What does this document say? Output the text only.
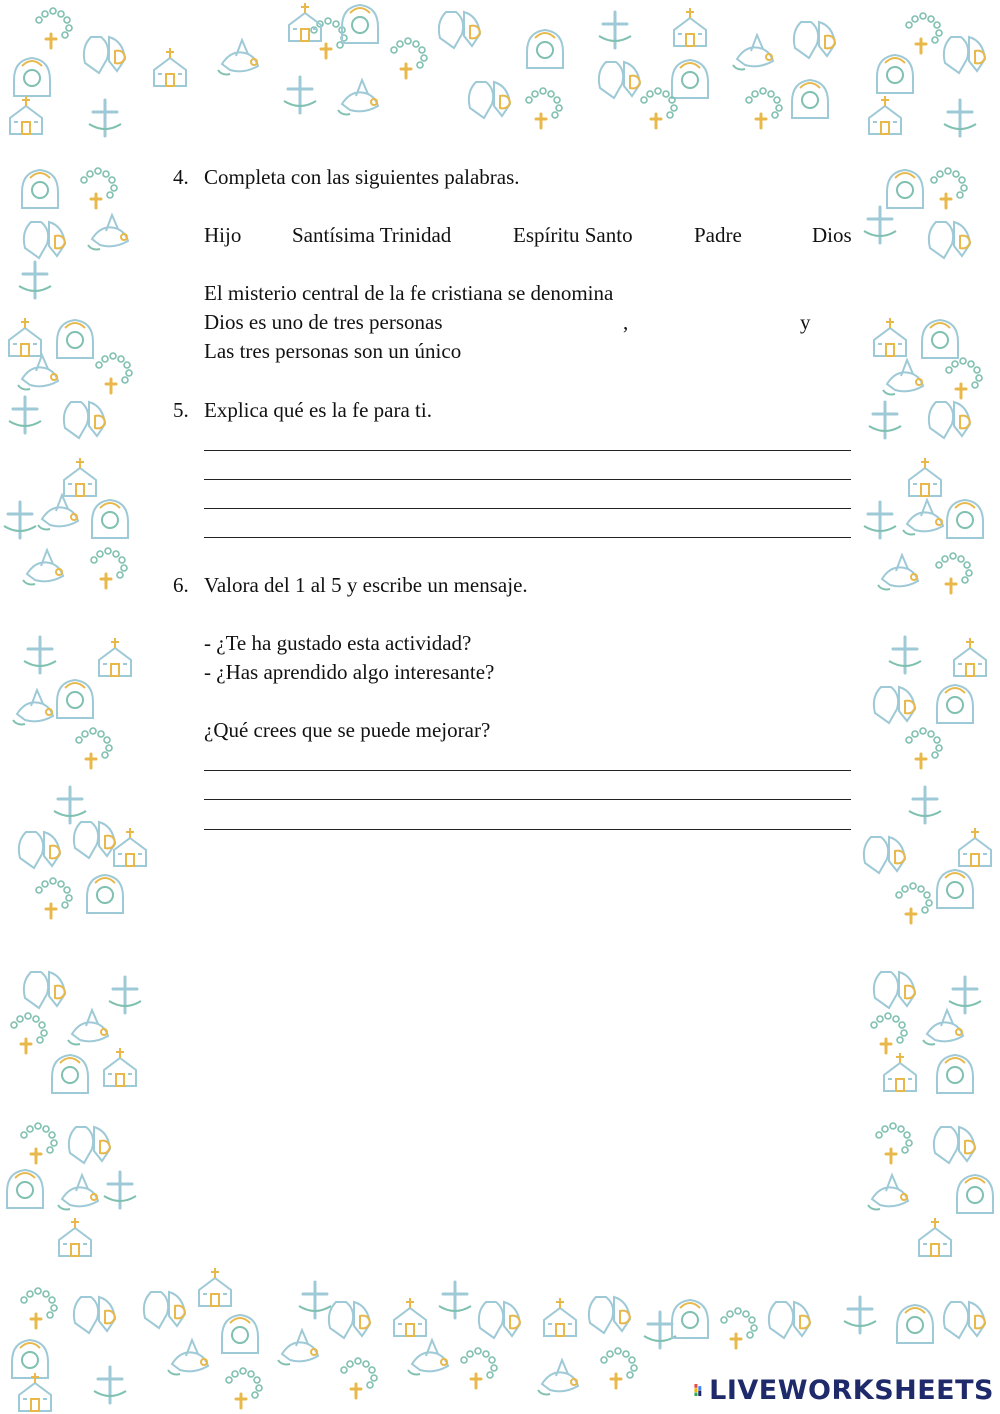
4. Completa con las siguientes palabras.
Hijo Santísima Trinidad	Espíritu Santo	Padre	Dios
El misterio central de la fe cristiana se denomina
Dios es uno de tres personas	,	y
Las tres personas son un único
5. Explica qué es la fe para ti.
6. Valora del 1 al 5 y escribe un mensaje.
- ¿Te ha gustado esta actividad?
- ¿Has aprendido algo interesante?
¿Qué crees que se puede mejorar?
LIVEWORKSHEETS
